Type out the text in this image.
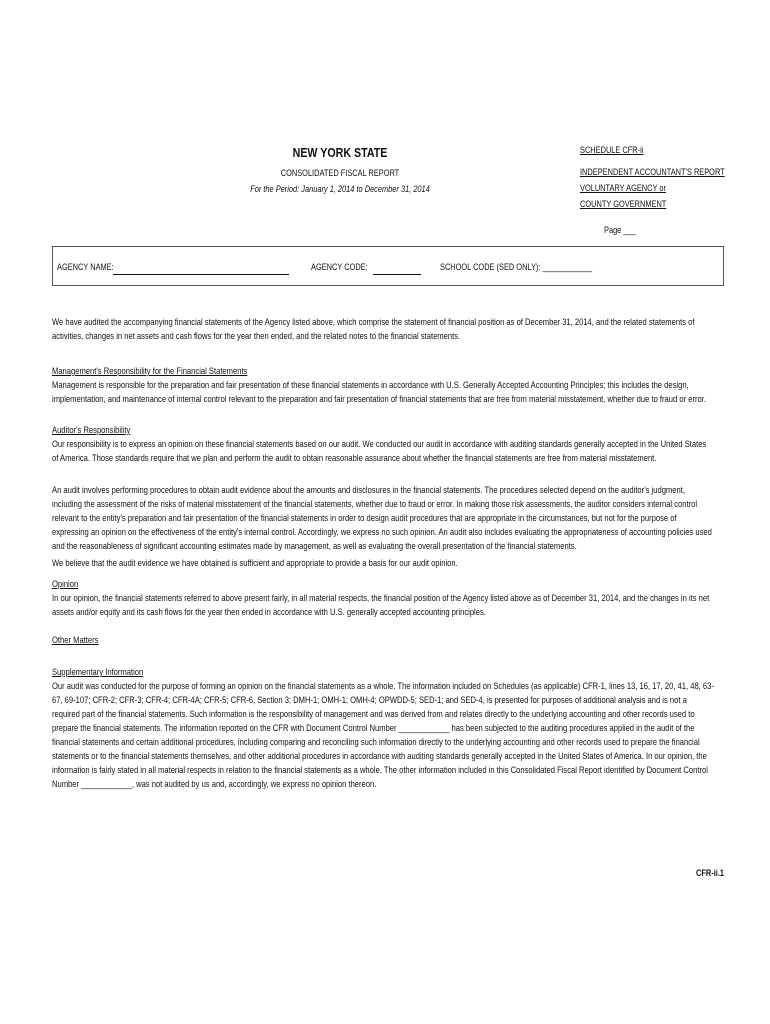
NEW YORK STATE
CONSOLIDATED FISCAL REPORT
For the Period: January 1, 2014 to December 31, 2014
SCHEDULE CFR-ii
INDEPENDENT ACCOUNTANT'S REPORT
VOLUNTARY AGENCY or
COUNTY GOVERNMENT
Page ___
AGENCY NAME:	AGENCY CODE:	SCHOOL CODE (SED ONLY): ____________
We have audited the accompanying financial statements of the Agency listed above, which comprise the statement of financial position as of December 31, 2014, and the related statements of activities, changes in net assets and cash flows for the year then ended, and the related notes to the financial statements.
Management's Responsibility for the Financial Statements
Management is responsible for the preparation and fair presentation of these financial statements in accordance with U.S. Generally Accepted Accounting Principles; this includes the design, implementation, and maintenance of internal control relevant to the preparation and fair presentation of financial statements that are free from material misstatement, whether due to fraud or error.
Auditor's Responsibility
Our responsibility is to express an opinion on these financial statements based on our audit. We conducted our audit in accordance with auditing standards generally accepted in the United States of America. Those standards require that we plan and perform the audit to obtain reasonable assurance about whether the financial statements are free from material misstatement.
An audit involves performing procedures to obtain audit evidence about the amounts and disclosures in the financial statements. The procedures selected depend on the auditor's judgment, including the assessment of the risks of material misstatement of the financial statements, whether due to fraud or error. In making those risk assessments, the auditor considers internal control relevant to the entity's preparation and fair presentation of the financial statements in order to design audit procedures that are appropriate in the circumstances, but not for the purpose of expressing an opinion on the effectiveness of the entity's internal control. Accordingly, we express no such opinion. An audit also includes evaluating the appropriateness of accounting policies used and the reasonableness of significant accounting estimates made by management, as well as evaluating the overall presentation of the financial statements.
We believe that the audit evidence we have obtained is sufficient and appropriate to provide a basis for our audit opinion.
Opinion
In our opinion, the financial statements referred to above present fairly, in all material respects, the financial position of the Agency listed above as of December 31, 2014, and the changes in its net assets and/or equity and its cash flows for the year then ended in accordance with U.S. generally accepted accounting principles.
Other Matters
Supplementary Information
Our audit was conducted for the purpose of forming an opinion on the financial statements as a whole. The information included on Schedules (as applicable) CFR-1, lines 13, 16, 17, 20, 41, 48, 63-67, 69-107; CFR-2; CFR-3; CFR-4; CFR-4A; CFR-5; CFR-6, Section 3; DMH-1; OMH-1; OMH-4; OPWDD-5; SED-1; and SED-4, is presented for purposes of additional analysis and is not a required part of the financial statements. Such information is the responsibility of management and was derived from and relates directly to the underlying accounting and other records used to prepare the financial statements. The information reported on the CFR with Document Control Number ____________ has been subjected to the auditing procedures applied in the audit of the financial statements and certain additional procedures, including comparing and reconciling such information directly to the underlying accounting and other records used to prepare the financial statements or to the financial statements themselves, and other additional procedures in accordance with auditing standards generally accepted in the United States of America. In our opinion, the information is fairly stated in all material respects in relation to the financial statements as a whole. The other information included in this Consolidated Fiscal Report identified by Document Control Number ____________, was not audited by us and, accordingly, we express no opinion thereon.
CFR-ii.1
